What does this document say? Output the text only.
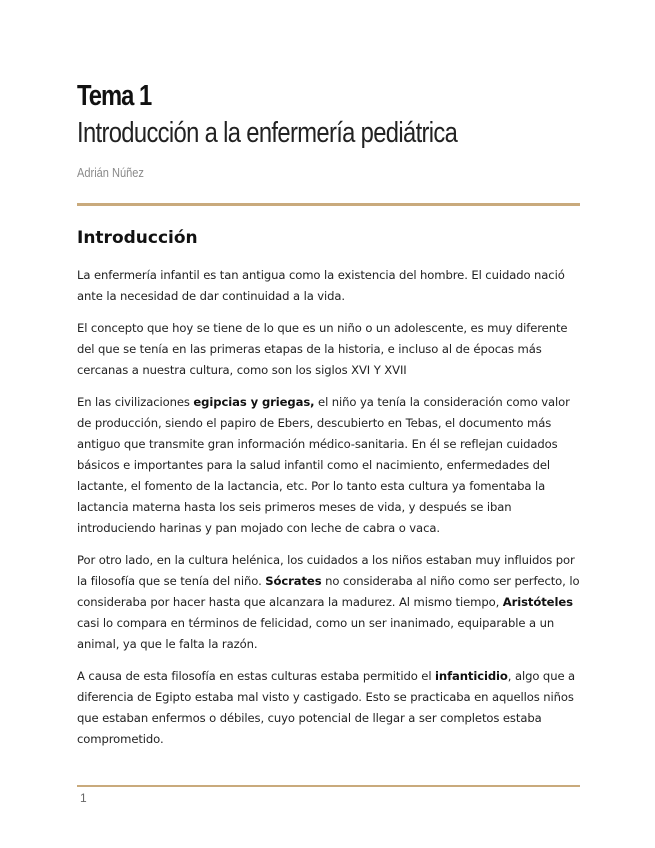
Tema 1
Introducción a la enfermería pediátrica
Adrián Núñez
Introducción

La enfermería infantil es tan antigua como la existencia del hombre. El cuidado nació ante la necesidad de dar continuidad a la vida.

El concepto que hoy se tiene de lo que es un niño o un adolescente, es muy diferente del que se tenía en las primeras etapas de la historia, e incluso al de épocas más cercanas a nuestra cultura, como son los siglos XVI Y XVII

En las civilizaciones egipcias y griegas, el niño ya tenía la consideración como valor de producción, siendo el papiro de Ebers, descubierto en Tebas, el documento más antiguo que transmite gran información médico-sanitaria. En él se reflejan cuidados básicos e importantes para la salud infantil como el nacimiento, enfermedades del lactante, el fomento de la lactancia, etc. Por lo tanto esta cultura ya fomentaba la lactancia materna hasta los seis primeros meses de vida, y después se iban introduciendo harinas y pan mojado con leche de cabra o vaca.

Por otro lado, en la cultura helénica, los cuidados a los niños estaban muy influidos por la filosofía que se tenía del niño. Sócrates no consideraba al niño como ser perfecto, lo consideraba por hacer hasta que alcanzara la madurez. Al mismo tiempo, Aristóteles casi lo compara en términos de felicidad, como un ser inanimado, equiparable a un animal, ya que le falta la razón.

A causa de esta filosofía en estas culturas estaba permitido el infanticidio, algo que a diferencia de Egipto estaba mal visto y castigado. Esto se practicaba en aquellos niños que estaban enfermos o débiles, cuyo potencial de llegar a ser completos estaba comprometido.

1
